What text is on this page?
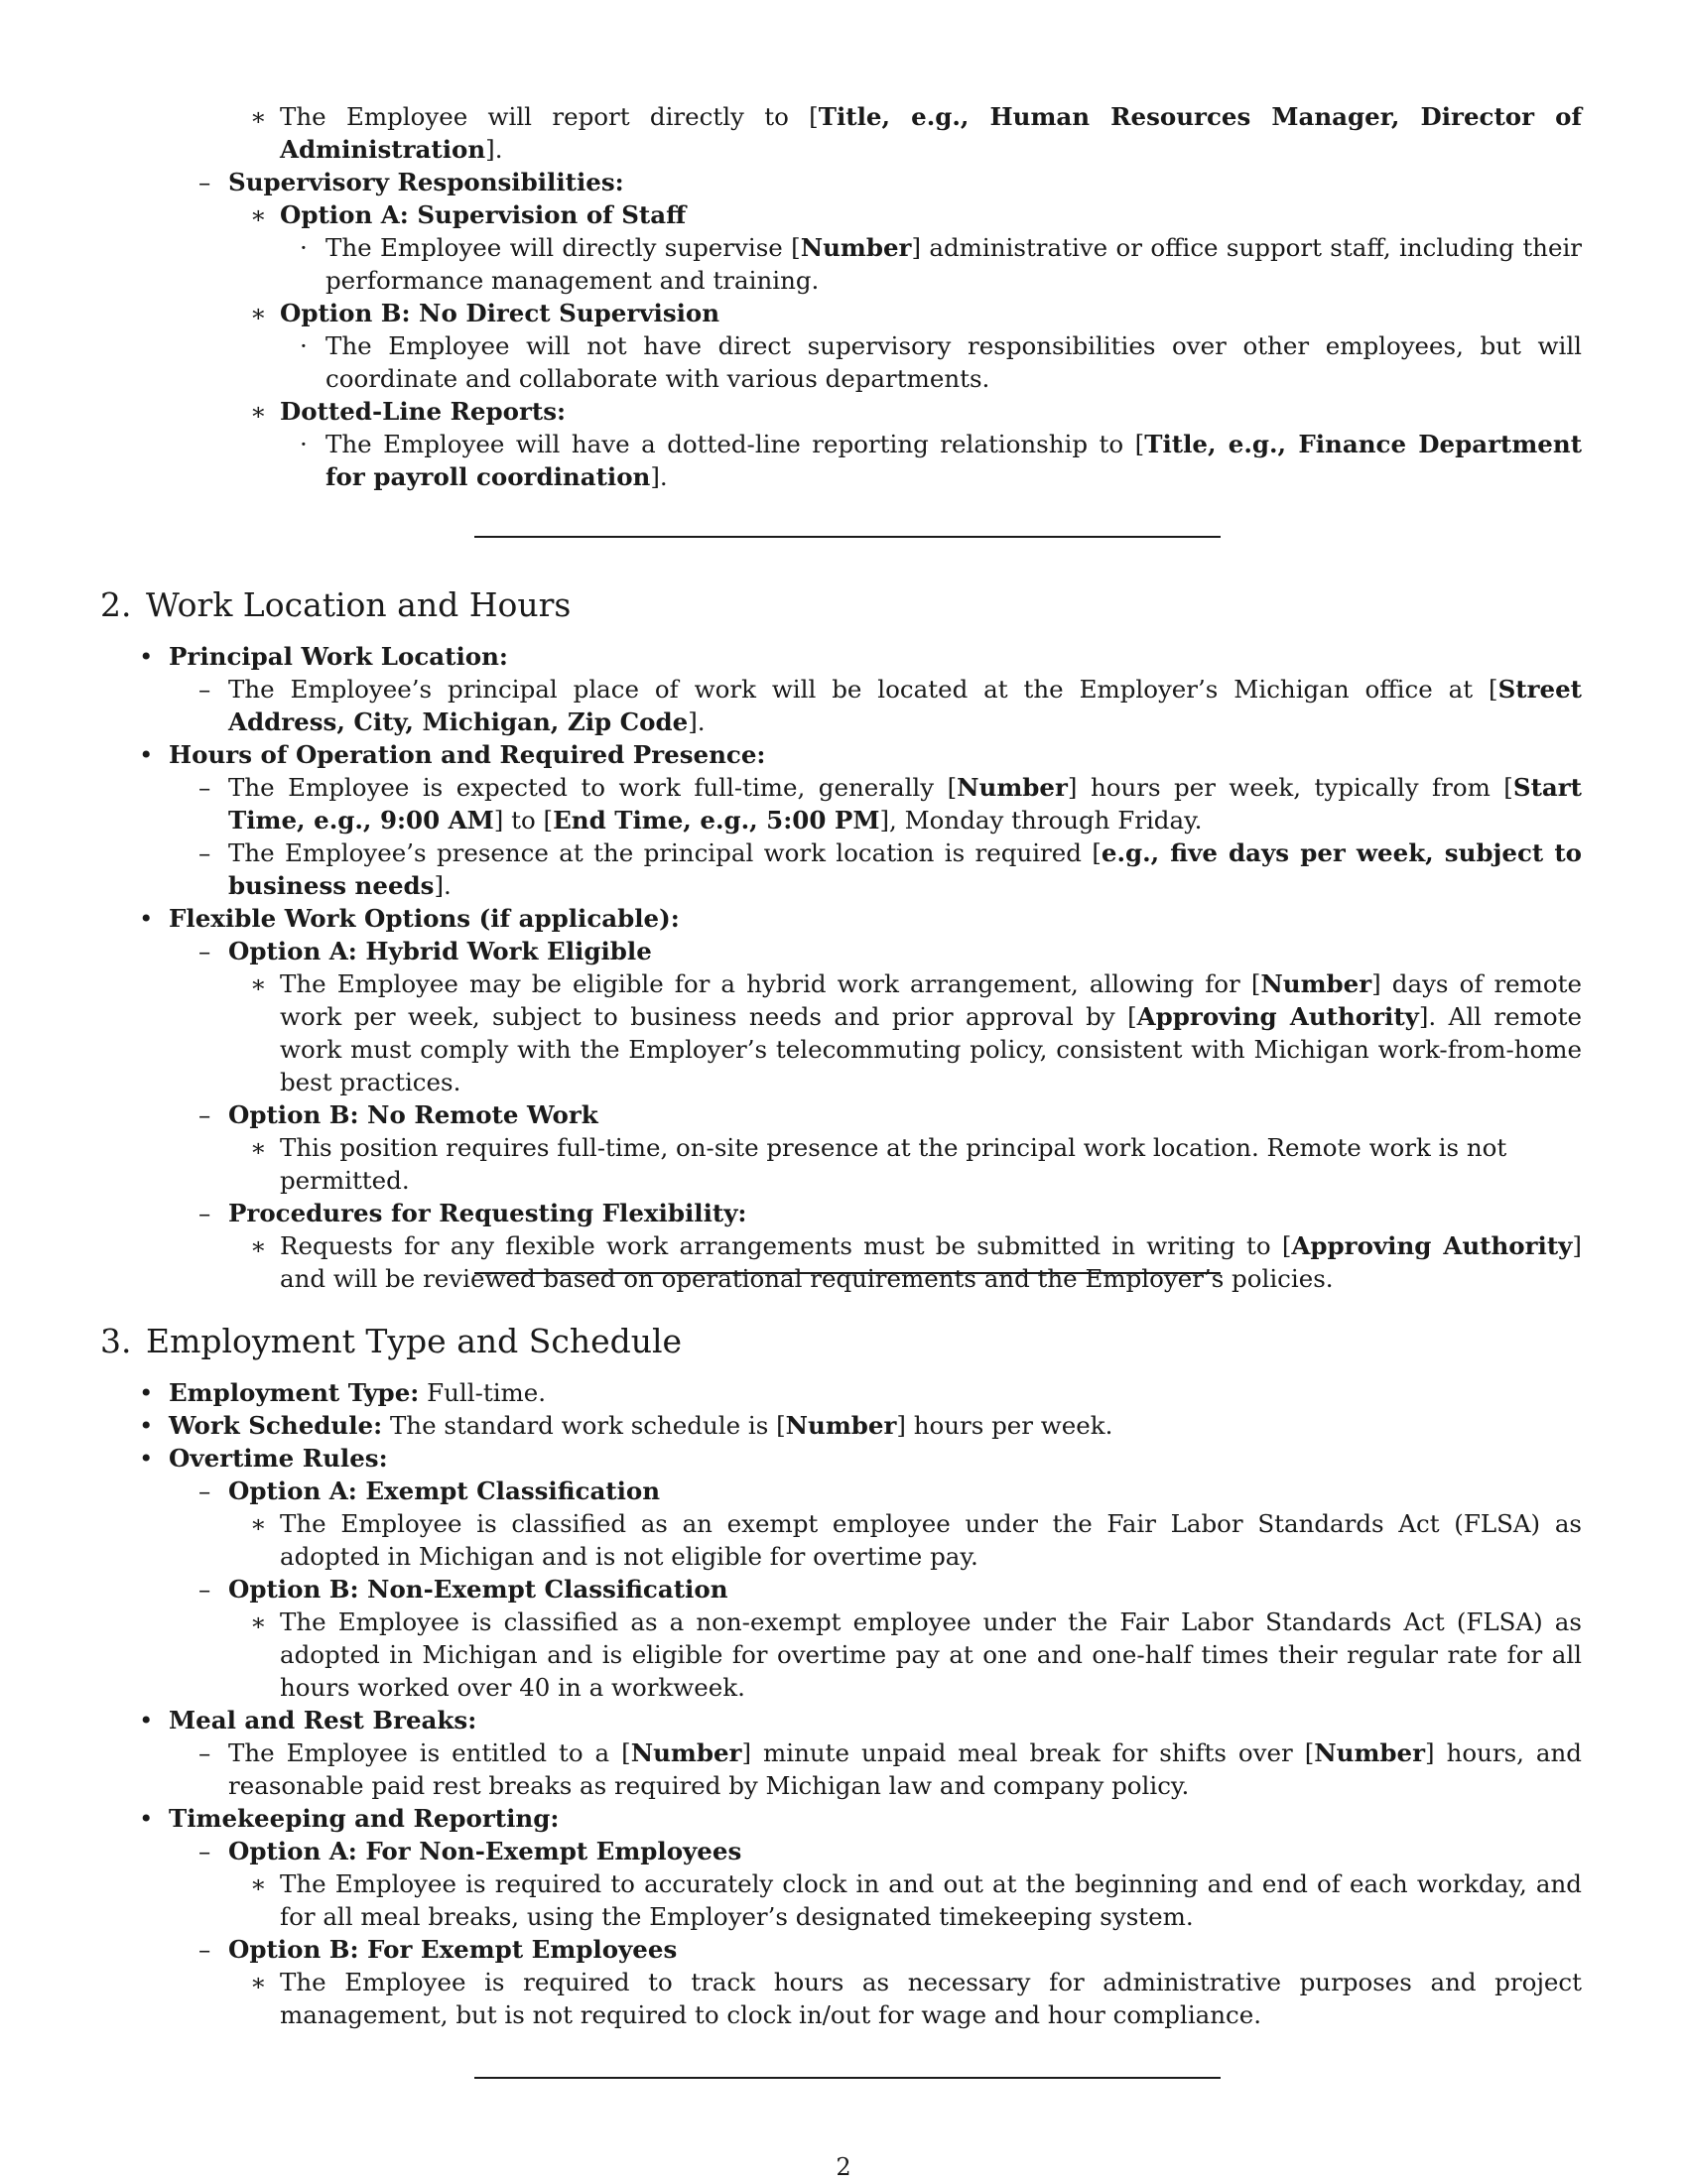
∗ The Employee will report directly to [Title, e.g., Human Resources Manager, Director of Administration].

– Supervisory Responsibilities:

∗ Option A: Supervision of Staff

· The Employee will directly supervise [Number] administrative or office support staff, including their performance management and training.

∗ Option B: No Direct Supervision

· The Employee will not have direct supervisory responsibilities over other employees, but will coordinate and collaborate with various departments.

∗ Dotted-Line Reports:

· The Employee will have a dotted-line reporting relationship to [Title, e.g., Finance Department for payroll coordination].

2. Work Location and Hours

• Principal Work Location:

– The Employee’s principal place of work will be located at the Employer’s Michigan office at [Street Address, City, Michigan, Zip Code].

• Hours of Operation and Required Presence:

– The Employee is expected to work full-time, generally [Number] hours per week, typically from [Start Time, e.g., 9:00 AM] to [End Time, e.g., 5:00 PM], Monday through Friday.

– The Employee’s presence at the principal work location is required [e.g., five days per week, subject to business needs].

• Flexible Work Options (if applicable):

– Option A: Hybrid Work Eligible

∗ The Employee may be eligible for a hybrid work arrangement, allowing for [Number] days of remote work per week, subject to business needs and prior approval by [Approving Authority]. All remote work must comply with the Employer’s telecommuting policy, consistent with Michigan work-from-home best practices.

– Option B: No Remote Work

∗ This position requires full-time, on-site presence at the principal work location. Remote work is not permitted.

– Procedures for Requesting Flexibility:

∗ Requests for any flexible work arrangements must be submitted in writing to [Approving Authority] and will be reviewed based on operational requirements and the Employer’s policies.

3. Employment Type and Schedule

• Employment Type: Full-time.

• Work Schedule: The standard work schedule is [Number] hours per week.

• Overtime Rules:

– Option A: Exempt Classification

∗ The Employee is classified as an exempt employee under the Fair Labor Standards Act (FLSA) as adopted in Michigan and is not eligible for overtime pay.

– Option B: Non-Exempt Classification

∗ The Employee is classified as a non-exempt employee under the Fair Labor Standards Act (FLSA) as adopted in Michigan and is eligible for overtime pay at one and one-half times their regular rate for all hours worked over 40 in a workweek.

• Meal and Rest Breaks:

– The Employee is entitled to a [Number] minute unpaid meal break for shifts over [Number] hours, and reasonable paid rest breaks as required by Michigan law and company policy.

• Timekeeping and Reporting:

– Option A: For Non-Exempt Employees

∗ The Employee is required to accurately clock in and out at the beginning and end of each workday, and for all meal breaks, using the Employer’s designated timekeeping system.

– Option B: For Exempt Employees

∗ The Employee is required to track hours as necessary for administrative purposes and project management, but is not required to clock in/out for wage and hour compliance.

2
